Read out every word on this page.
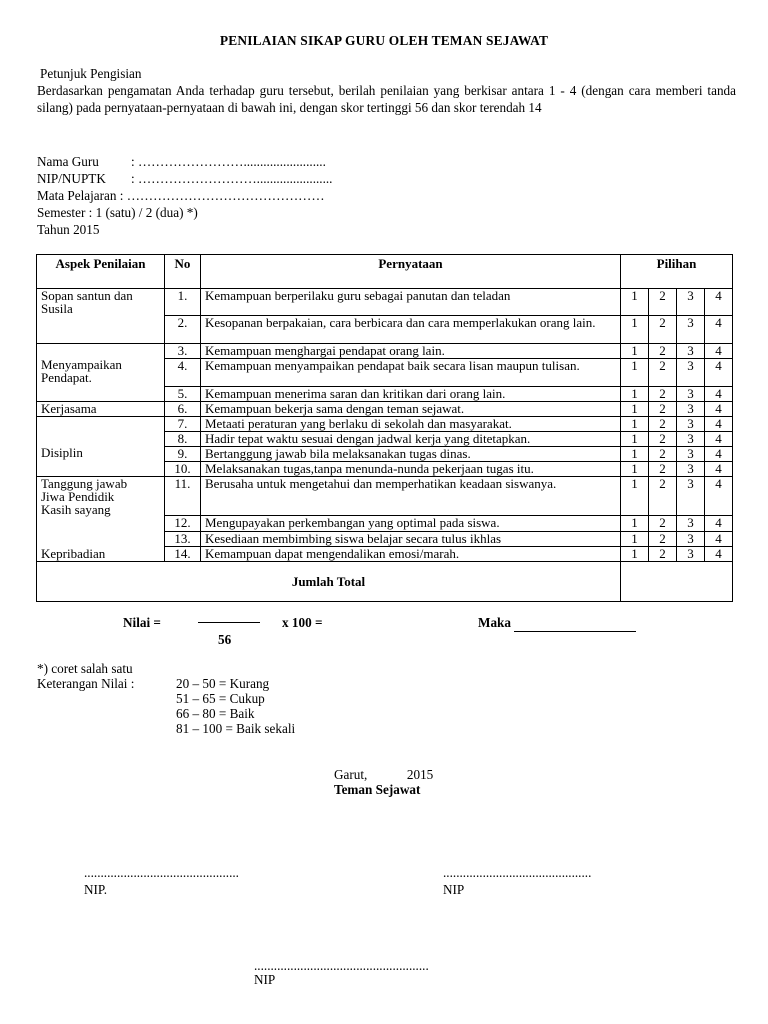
PENILAIAN SIKAP GURU OLEH TEMAN SEJAWAT
Petunjuk Pengisian
Berdasarkan pengamatan Anda terhadap guru tersebut, berilah penilaian yang berkisar antara 1 - 4 (dengan cara memberi tanda silang) pada pernyataan-pernyataan di bawah ini, dengan skor tertinggi 56 dan skor terendah 14
Nama Guru : …………………….........................
NIP/NUPTK : ……………………….......................
Mata Pelajaran : ………………………………………
Semester : 1 (satu) / 2 (dua) *)
Tahun 2015
Aspek Penilaian	No	Pernyataan	Pilihan			
Sopan santun dan Susila	1.	Kemampuan berperilaku guru sebagai panutan dan teladan	1	2	3	4
	2.	Kesopanan berpakaian, cara berbicara dan cara memperlakukan orang lain.	1	2	3	4
	3.	Kemampuan menghargai pendapat orang lain.	1	2	3	4
Menyampaikan Pendapat.	4.	Kemampuan menyampaikan pendapat baik secara lisan maupun tulisan.	1	2	3	4
	5.	Kemampuan menerima saran dan kritikan dari orang lain.	1	2	3	4
Kerjasama	6.	Kemampuan bekerja sama dengan teman sejawat.	1	2	3	4
	7.	Metaati peraturan yang berlaku di sekolah dan masyarakat.	1	2	3	4
	8.	Hadir tepat waktu sesuai dengan jadwal kerja yang ditetapkan.	1	2	3	4
Disiplin	9.	Bertanggung jawab bila melaksanakan tugas dinas.	1	2	3	4
	10.	Melaksanakan tugas,tanpa menunda-nunda pekerjaan tugas itu.	1	2	3	4
Tanggung jawab Jiwa Pendidik Kasih sayang	11.	Berusaha untuk mengetahui dan memperhatikan keadaan siswanya.	1	2	3	4
	12.	Mengupayakan perkembangan yang optimal pada siswa.	1	2	3	4
	13.	Kesediaan membimbing siswa belajar secara tulus ikhlas	1	2	3	4
Kepribadian	14.	Kemampuan dapat mengendalikan emosi/marah.	1	2	3	4
Jumlah Total						
Nilai =
56
x 100 =	Maka
*) coret salah satu
Keterangan Nilai :	20 – 50 = Kurang
51 – 65 = Cukup
66 – 80 = Baik
81 – 100 = Baik sekali
Garut,            2015
Teman Sejawat
...............................................
NIP.
.............................................
NIP
.....................................................
NIP
